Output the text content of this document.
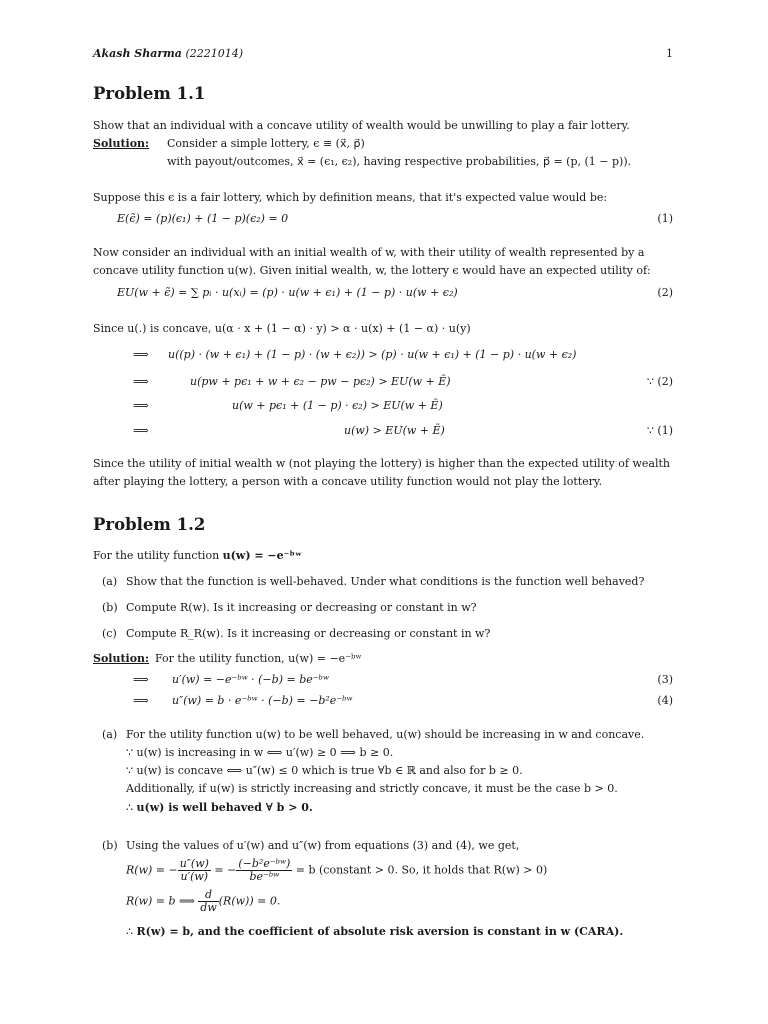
Akash Sharma (2221014)	1
Problem 1.1
Show that an individual with a concave utility of wealth would be unwilling to play a fair lottery.
Solution: Consider a simple lottery, ϵ ≡ (x⃗, p⃗)
with payout/outcomes, x⃗ = (ϵ₁, ϵ₂), having respective probabilities, p⃗ = (p, (1 − p)).
Suppose this ϵ is a fair lottery, which by definition means, that it's expected value would be:
E(ϵ̃) = (p)(ϵ₁) + (1 − p)(ϵ₂) = 0	(1)
Now consider an individual with an initial wealth of w, with their utility of wealth represented by a
concave utility function u(w). Given initial wealth, w, the lottery ϵ would have an expected utility of:
EU(w + ϵ̃) = ∑ pᵢ · u(xᵢ) = (p) · u(w + ϵ₁) + (1 − p) · u(w + ϵ₂)	(2)
Since u(.) is concave, u(α · x + (1 − α) · y) > α · u(x) + (1 − α) · u(y)
⟹ u((p) · (w + ϵ₁) + (1 − p) · (w + ϵ₂)) > (p) · u(w + ϵ₁) + (1 − p) · u(w + ϵ₂)
⟹	u(pw + pϵ₁ + w + ϵ₂ − pw − pϵ₂) > EU(w + Ẽ)	∵ (2)
⟹	u(w + pϵ₁ + (1 − p) · ϵ₂) > EU(w + Ẽ)
⟹	u(w) > EU(w + Ẽ)	∵ (1)
Since the utility of initial wealth w (not playing the lottery) is higher than the expected utility of wealth
after playing the lottery, a person with a concave utility function would not play the lottery.
Problem 1.2
For the utility function u(w) = −e⁻ᵇʷ
(a) Show that the function is well-behaved. Under what conditions is the function well behaved?
(b) Compute R(w). Is it increasing or decreasing or constant in w?
(c) Compute R_R(w). Is it increasing or decreasing or constant in w?
Solution: For the utility function, u(w) = −e⁻ᵇʷ
⟹ u′(w) = −e⁻ᵇʷ · (−b) = be⁻ᵇʷ	(3)
⟹ u″(w) = b · e⁻ᵇʷ · (−b) = −b²e⁻ᵇʷ	(4)
(a) For the utility function u(w) to be well behaved, u(w) should be increasing in w and concave.
∵ u(w) is increasing in w ⟺ u′(w) ≥ 0 ⟹ b ≥ 0.
∵ u(w) is concave ⟺ u″(w) ≤ 0 which is true ∀b ∈ ℝ and also for b ≥ 0.
Additionally, if u(w) is strictly increasing and strictly concave, it must be the case b > 0.
∴ u(w) is well behaved ∀ b > 0.
(b) Using the values of u′(w) and u″(w) from equations (3) and (4), we get,
R(w) = − $\frac{u''(w)}{u'(w)}$ = − $\frac{\text{(−b²e⁻ᵇʷ)}}{\text{be⁻ᵇʷ}} = b$ (constant > 0. So, it holds that R(w) > 0)
R(w) = b ⟹ $\frac{d}{dw} (R(w)) = 0$.
∴ R(w) = b, and the coefficient of absolute risk aversion is constant in w (CARA).
